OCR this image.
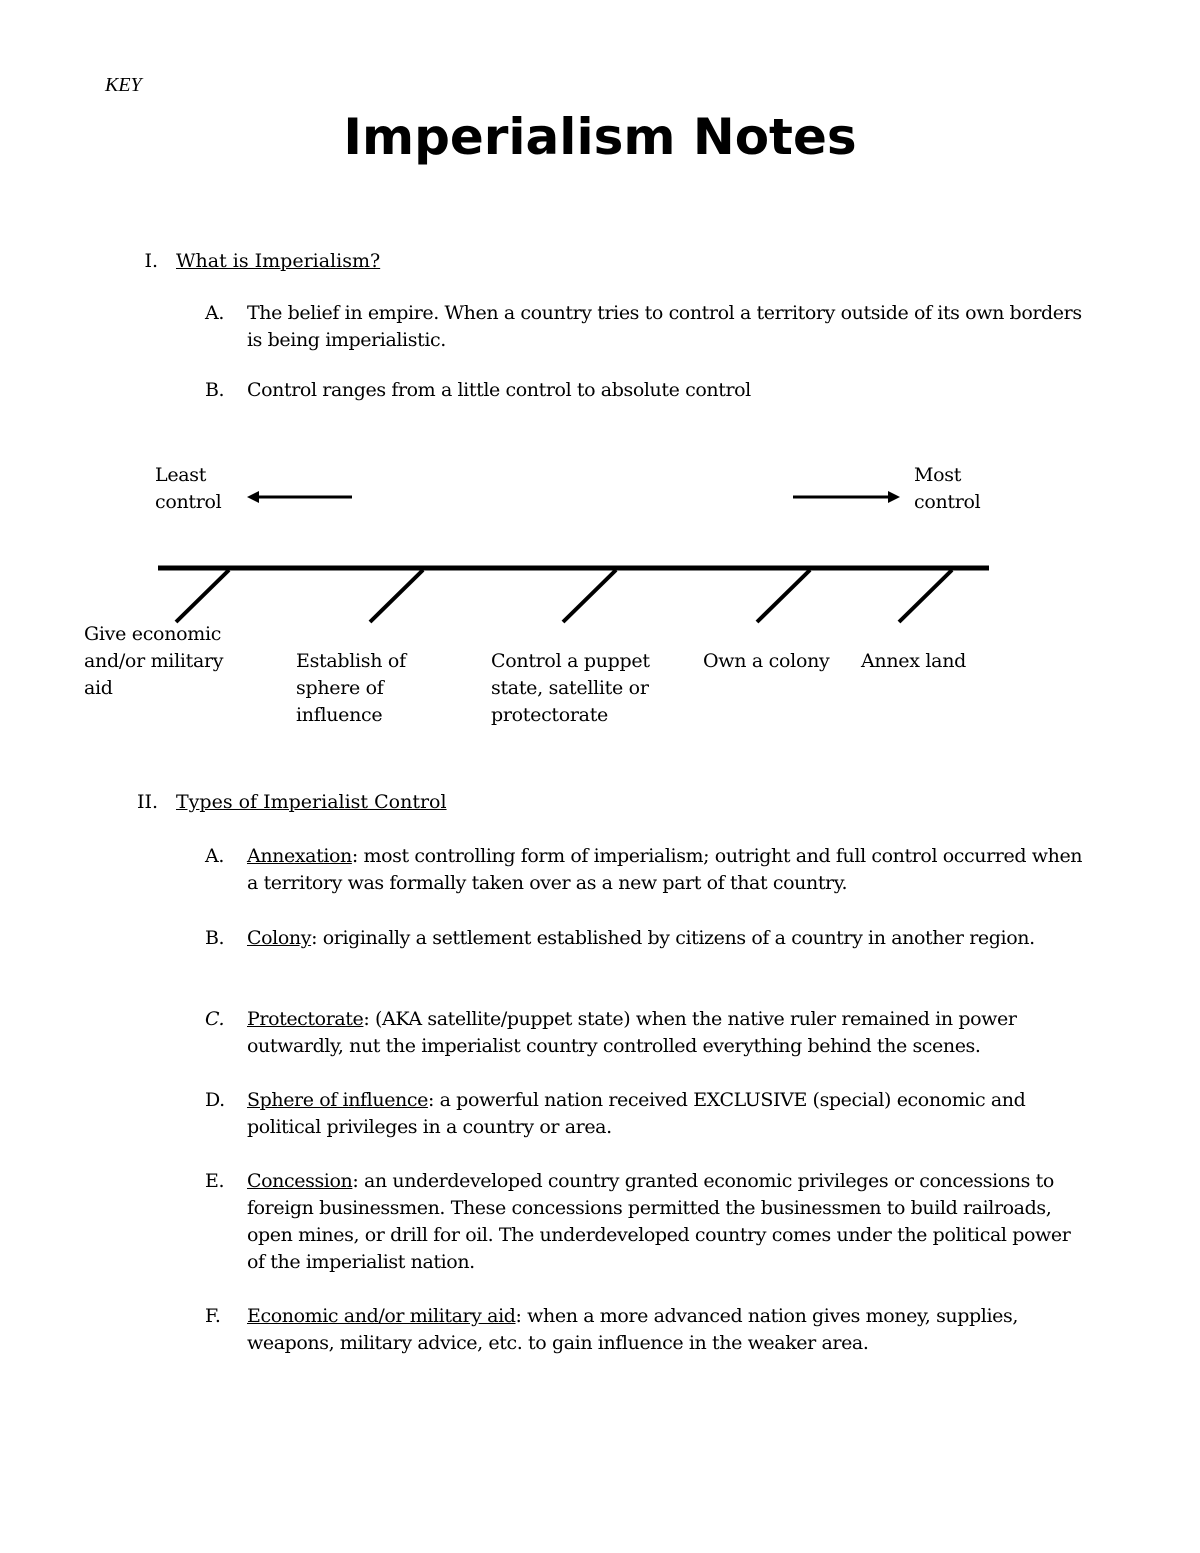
KEY
Imperialism Notes
I. What is Imperialism?
A.	The belief in empire. When a country tries to control a territory outside of its own borders is being imperialistic.
B.	Control ranges from a little control to absolute control
Least control
Most control
Give economic and/or military aid
Establish of sphere of influence
Control a puppet state, satellite or protectorate
Own a colony	Annex land
II. Types of Imperialist Control
A.	Annexation: most controlling form of imperialism; outright and full control occurred when a territory was formally taken over as a new part of that country.
B.	Colony: originally a settlement established by citizens of a country in another region.
C.	Protectorate: (AKA satellite/puppet state) when the native ruler remained in power outwardly, nut the imperialist country controlled everything behind the scenes.
D.	Sphere of influence: a powerful nation received EXCLUSIVE (special) economic and political privileges in a country or area.
E.	Concession: an underdeveloped country granted economic privileges or concessions to foreign businessmen. These concessions permitted the businessmen to build railroads, open mines, or drill for oil. The underdeveloped country comes under the political power of the imperialist nation.
F.	Economic and/or military aid: when a more advanced nation gives money, supplies, weapons, military advice, etc. to gain influence in the weaker area.
